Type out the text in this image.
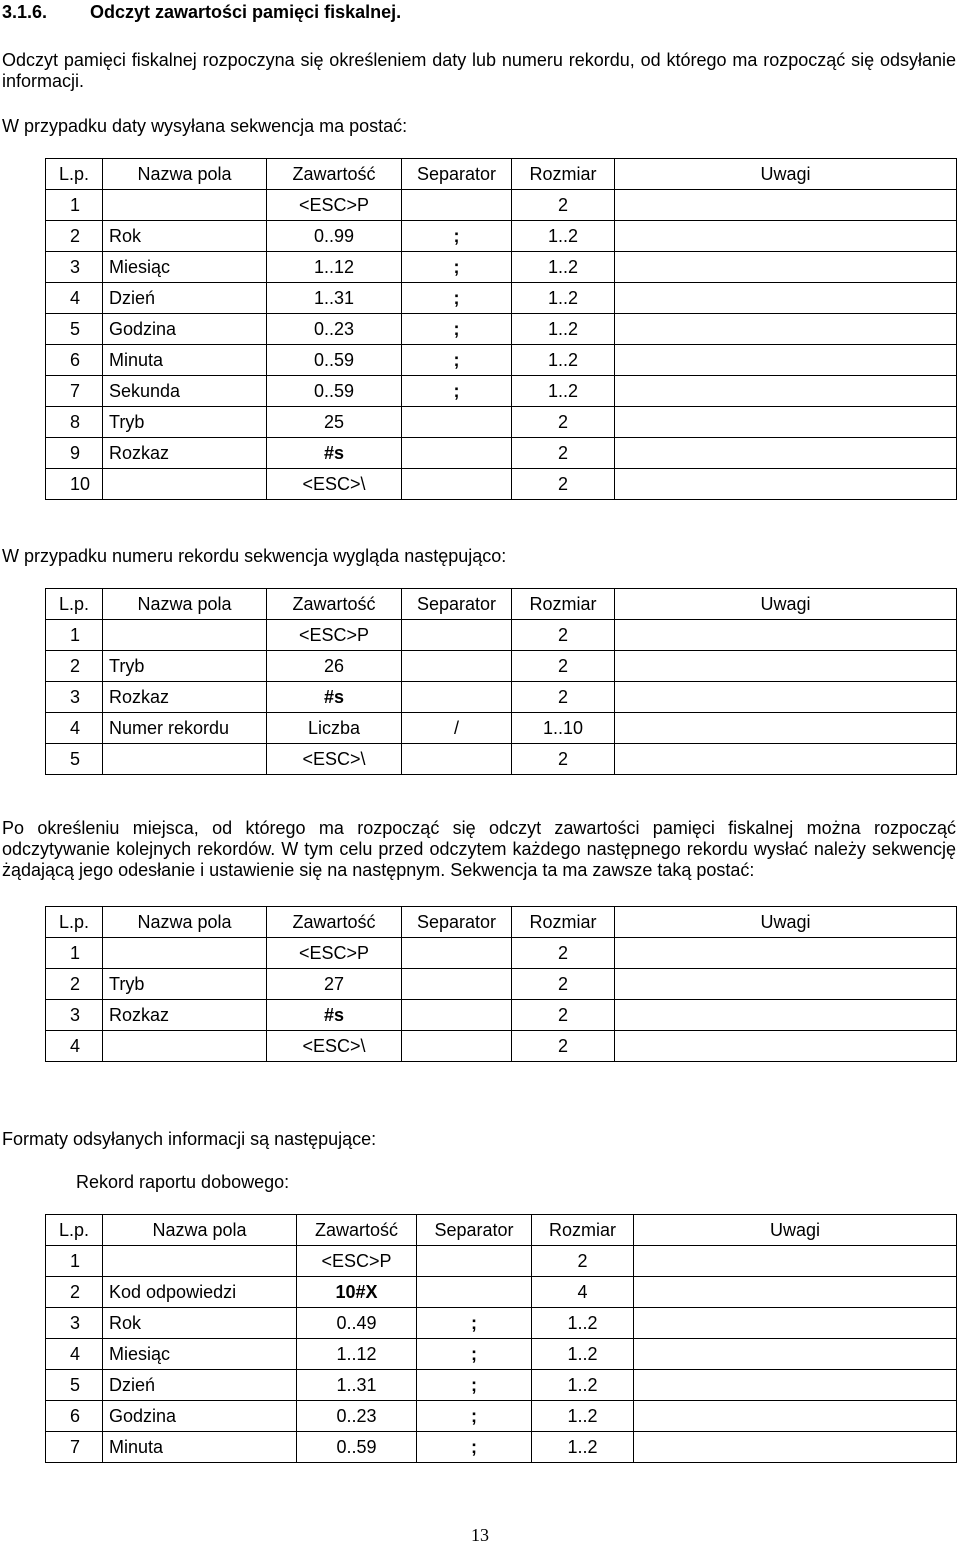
3.1.6. Odczyt zawartości pamięci fiskalnej.
Odczyt pamięci fiskalnej rozpoczyna się określeniem daty lub numeru rekordu, od którego ma rozpocząć się odsyłanie informacji.
W przypadku daty wysyłana sekwencja ma postać:
L.p.	Nazwa pola	Zawartość	Separator	Rozmiar	Uwagi
1		<ESC>P		2	
2	Rok	0..99	;	1..2	
3	Miesiąc	1..12	;	1..2	
4	Dzień	1..31	;	1..2	
5	Godzina	0..23	;	1..2	
6	Minuta	0..59	;	1..2	
7	Sekunda	0..59	;	1..2	
8	Tryb	25		2	
9	Rozkaz	#s		2	
10		<ESC>\		2	
W przypadku numeru rekordu sekwencja wygląda następująco:
L.p.	Nazwa pola	Zawartość	Separator	Rozmiar	Uwagi
1		<ESC>P		2	
2	Tryb	26		2	
3	Rozkaz	#s		2	
4	Numer rekordu	Liczba	/	1..10	
5		<ESC>\		2	
Po określeniu miejsca, od którego ma rozpocząć się odczyt zawartości pamięci fiskalnej można rozpocząć odczytywanie kolejnych rekordów. W tym celu przed odczytem każdego następnego rekordu wysłać należy sekwencję żądającą jego odesłanie i ustawienie się na następnym. Sekwencja ta ma zawsze taką postać:
L.p.	Nazwa pola	Zawartość	Separator	Rozmiar	Uwagi
1		<ESC>P		2	
2	Tryb	27		2	
3	Rozkaz	#s		2	
4		<ESC>\		2	
Formaty odsyłanych informacji są następujące:
Rekord raportu dobowego:
L.p.	Nazwa pola	Zawartość	Separator	Rozmiar	Uwagi
1		<ESC>P		2	
2	Kod odpowiedzi	10#X		4	
3	Rok	0..49	;	1..2	
4	Miesiąc	1..12	;	1..2	
5	Dzień	1..31	;	1..2	
6	Godzina	0..23	;	1..2	
7	Minuta	0..59	;	1..2	
13
